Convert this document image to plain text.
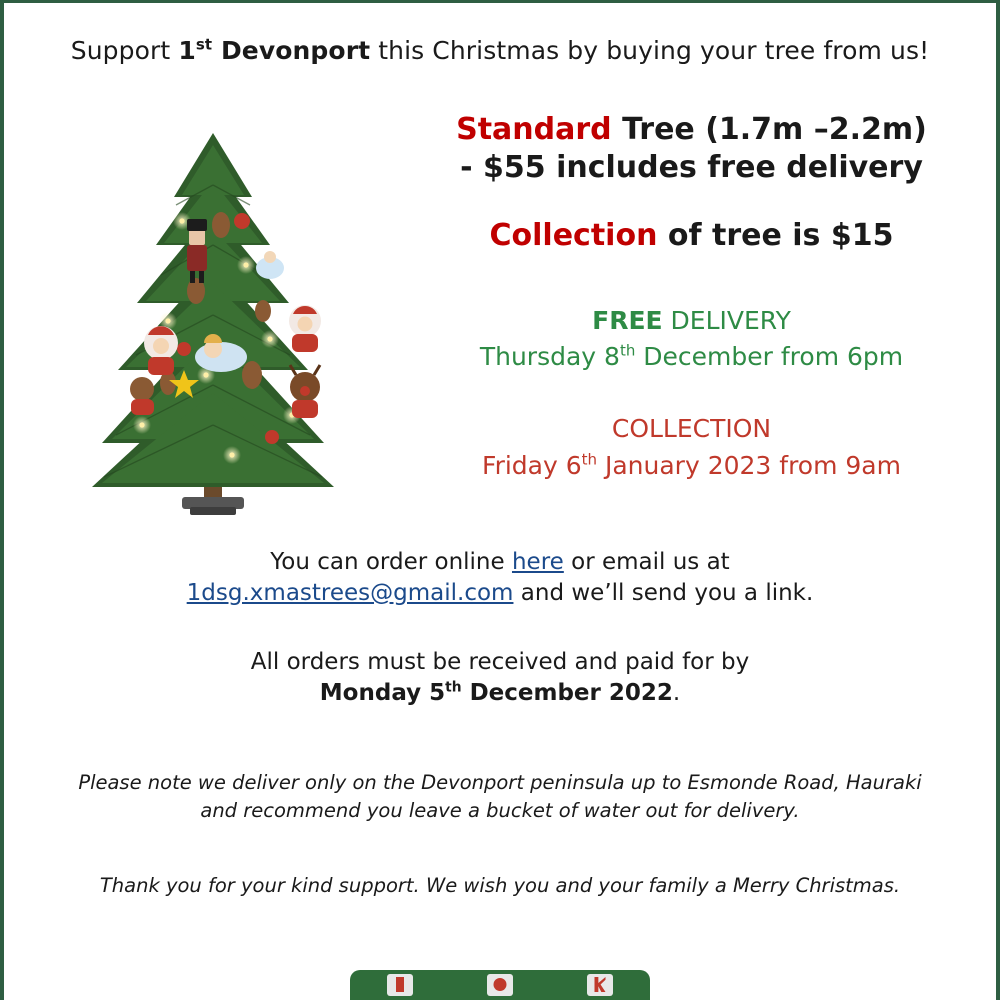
Support 1st Devonport this Christmas by buying your tree from us!
Standard Tree (1.7m –2.2m)
- $55 includes free delivery
Collection of tree is $15
FREE DELIVERY
Thursday 8th December from 6pm
COLLECTION
Friday 6th January 2023 from 9am
You can order online here or email us at
1dsg.xmastrees@gmail.com and we’ll send you a link.
All orders must be received and paid for by
Monday 5th December 2022.
Please note we deliver only on the Devonport peninsula up to Esmonde Road, Hauraki and recommend you leave a bucket of water out for delivery.
Thank you for your kind support. We wish you and your family a Merry Christmas.
